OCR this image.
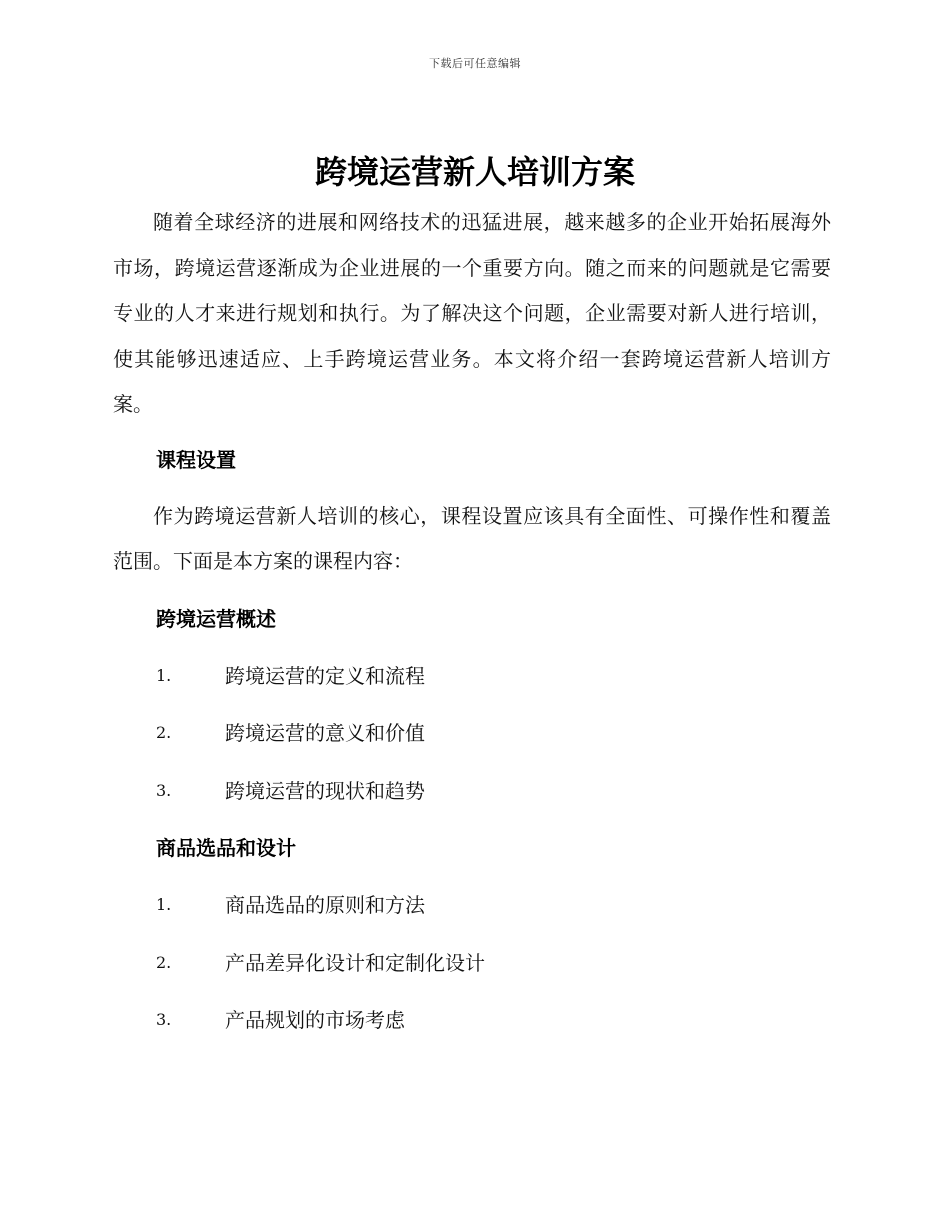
下载后可任意编辑
跨境运营新人培训方案

随着全球经济的进展和网络技术的迅猛进展，越来越多的企业开始拓展海外市场，跨境运营逐渐成为企业进展的一个重要方向。随之而来的问题就是它需要专业的人才来进行规划和执行。为了解决这个问题，企业需要对新人进行培训，使其能够迅速适应、上手跨境运营业务。本文将介绍一套跨境运营新人培训方案。

课程设置

作为跨境运营新人培训的核心，课程设置应该具有全面性、可操作性和覆盖范围。下面是本方案的课程内容：

跨境运营概述
1.	跨境运营的定义和流程
2.	跨境运营的意义和价值
3.	跨境运营的现状和趋势
商品选品和设计
1.	商品选品的原则和方法
2.	产品差异化设计和定制化设计
3.	产品规划的市场考虑
